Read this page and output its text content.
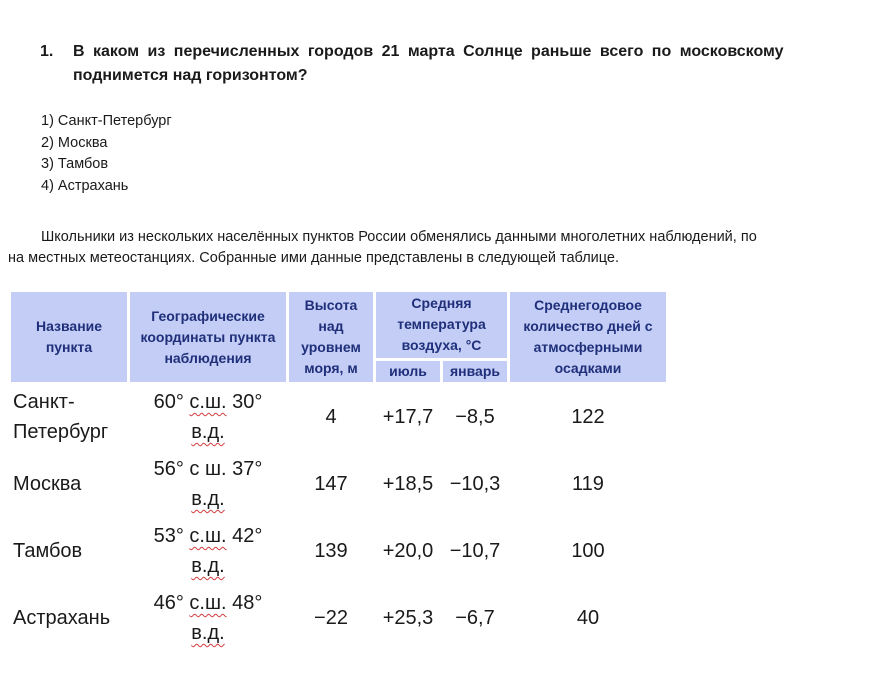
1. В каком из перечисленных городов 21 марта Солнце раньше всего по московскому
поднимется над горизонтом?
1) Санкт-Петербург
2) Москва
3) Тамбов
4) Астрахань
Школьники из нескольких населённых пунктов России обменялись данными многолетних наблюдений, по
на местных метеостанциях. Собранные ими данные представлены в следующей таблице.
Название пункта	Географические координаты пункта наблюдения	Высота над уровнем моря, м	Средняя температура воздуха, °С		Среднегодовое количество дней с атмосферными осадками
			июль	январь	
Санкт-Петербург	60° с.ш. 30°
в.д.	4	+17,7	−8,5	122
Москва	56° с ш. 37°
в.д.	147	+18,5	−10,3	119
Тамбов	53° с.ш. 42°
в.д.	139	+20,0	−10,7	100
Астрахань	46° с.ш. 48°
в.д.	−22	+25,3	−6,7	40
